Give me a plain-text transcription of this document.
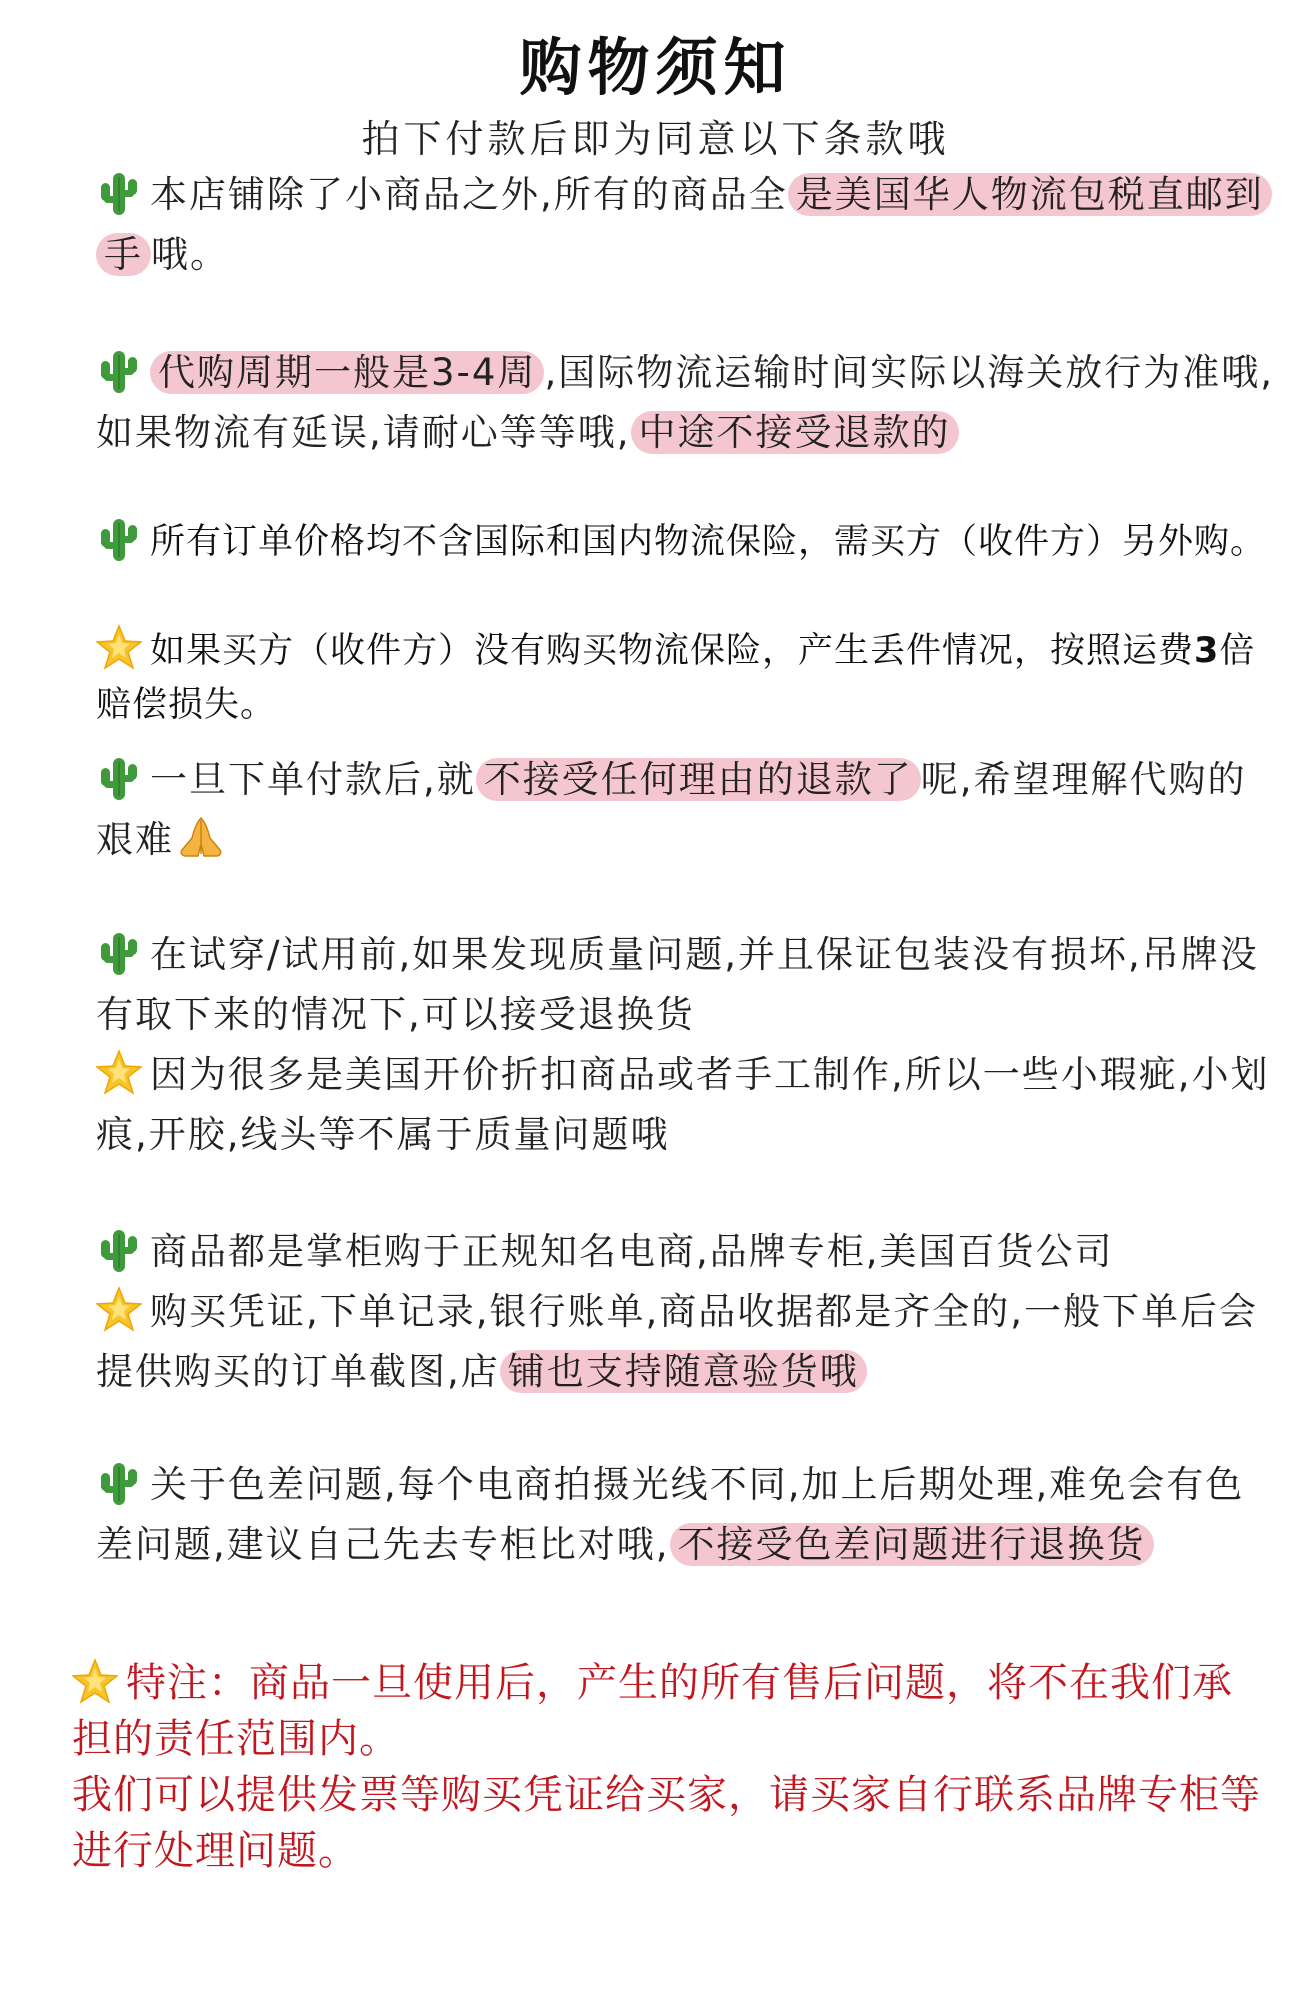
购物须知
拍下付款后即为同意以下条款哦
本店铺除了小商品之外,所有的商品全 是美国华人物流包税直邮到手 哦。
代购周期一般是3-4周 ,国际物流运输时间实际以海关放行为准哦,如果物流有延误,请耐心等等哦, 中途不接受退款的
所有订单价格均不含国际和国内物流保险，需买方（收件方）另外购。
如果买方（收件方）没有购买物流保险，产生丢件情况，按照运费3倍赔偿损失。
一旦下单付款后,就 不接受任何理由的退款了 呢,希望理解代购的艰难
在试穿/试用前,如果发现质量问题,并且保证包装没有损坏,吊牌没有取下来的情况下,可以接受退换货
因为很多是美国开价折扣商品或者手工制作,所以一些小瑕疵,小划痕,开胶,线头等不属于质量问题哦
商品都是掌柜购于正规知名电商,品牌专柜,美国百货公司
购买凭证,下单记录,银行账单,商品收据都是齐全的,一般下单后会提供购买的订单截图,店 铺也支持随意验货哦
关于色差问题,每个电商拍摄光线不同,加上后期处理,难免会有色差问题,建议自己先去专柜比对哦, 不接受色差问题进行退换货
特注：商品一旦使用后，产生的所有售后问题，将不在我们承担的责任范围内。
我们可以提供发票等购买凭证给买家，请买家自行联系品牌专柜等进行处理问题。
